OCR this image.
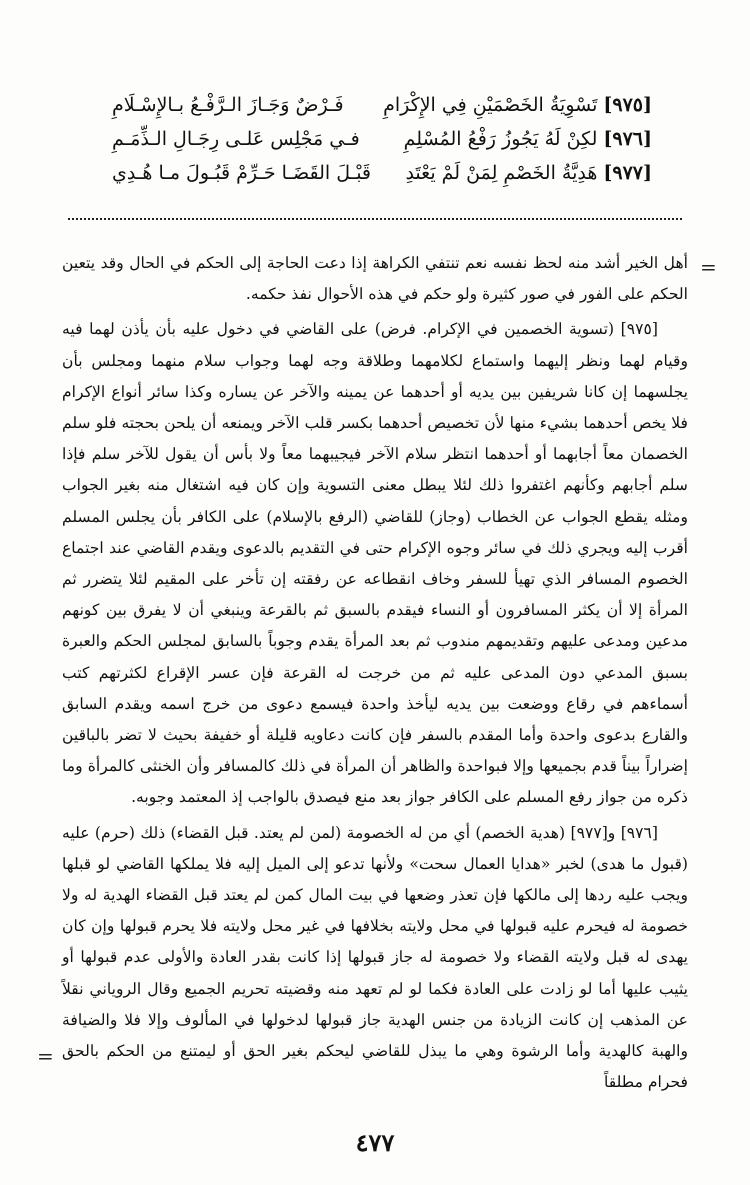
[٩٧٥]
تَسْوِيَةُ الخَصْمَيْنِ فِي الإِكْرَامِ
فَـرْضٌ وَجَـازَ الـرَّفْـعُ بـالإِسْـلَامِ
[٩٧٦]
لكِنْ لَهُ يَجُوزُ رَفْعُ المُسْلِمِ
فـي مَجْلِس عَلـى رِجَـالِ الـذِّمَـمِ
[٩٧٧]
هَدِيَّةُ الخَصْمِ لِمَنْ لَمْ يَعْتَدِ
قَبْـلَ القَضَـا حَـرِّمْ قَبُـولَ مـا هُـدِي
=

أهل الخير أشد منه لحظ نفسه نعم تنتفي الكراهة إذا دعت الحاجة إلى الحكم في الحال وقد يتعين الحكم على الفور في صور كثيرة ولو حكم في هذه الأحوال نفذ حكمه.

[٩٧٥] (تسوية الخصمين في الإكرام. فرض) على القاضي في دخول عليه بأن يأذن لهما فيه وقيام لهما ونظر إليهما واستماع لكلامهما وطلاقة وجه لهما وجواب سلام منهما ومجلس بأن يجلسهما إن كانا شريفين بين يديه أو أحدهما عن يمينه والآخر عن يساره وكذا سائر أنواع الإكرام فلا يخص أحدهما بشيء منها لأن تخصيص أحدهما بكسر قلب الآخر ويمنعه أن يلحن بحجته فلو سلم الخصمان معاً أجابهما أو أحدهما انتظر سلام الآخر فيجيبهما معاً ولا بأس أن يقول للآخر سلم فإذا سلم أجابهم وكأنهم اغتفروا ذلك لئلا يبطل معنى التسوية وإن كان فيه اشتغال منه بغير الجواب ومثله يقطع الجواب عن الخطاب (وجاز) للقاضي (الرفع بالإسلام) على الكافر بأن يجلس المسلم أقرب إليه ويجري ذلك في سائر وجوه الإكرام حتى في التقديم بالدعوى ويقدم القاضي عند اجتماع الخصوم المسافر الذي تهيأ للسفر وخاف انقطاعه عن رفقته إن تأخر على المقيم لئلا يتضرر ثم المرأة إلا أن يكثر المسافرون أو النساء فيقدم بالسبق ثم بالقرعة وينبغي أن لا يفرق بين كونهم مدعين ومدعى عليهم وتقديمهم مندوب ثم بعد المرأة يقدم وجوباً بالسابق لمجلس الحكم والعبرة بسبق المدعي دون المدعى عليه ثم من خرجت له القرعة فإن عسر الإقراع لكثرتهم كتب أسماءهم في رقاع ووضعت بين يديه ليأخذ واحدة فيسمع دعوى من خرج اسمه ويقدم السابق والقارع بدعوى واحدة وأما المقدم بالسفر فإن كانت دعاويه قليلة أو خفيفة بحيث لا تضر بالباقين إضراراً بيناً قدم بجميعها وإلا فبواحدة والظاهر أن المرأة في ذلك كالمسافر وأن الخنثى كالمرأة وما ذكره من جواز رفع المسلم على الكافر جواز بعد منع فيصدق بالواجب إذ المعتمد وجوبه.

[٩٧٦] و[٩٧٧] (هدية الخصم) أي من له الخصومة (لمن لم يعتد. قبل القضاء) ذلك (حرم) عليه (قبول ما هدى) لخبر «هدايا العمال سحت» ولأنها تدعو إلى الميل إليه فلا يملكها القاضي لو قبلها ويجب عليه ردها إلى مالكها فإن تعذر وضعها في بيت المال كمن لم يعتد قبل القضاء الهدية له ولا خصومة له فيحرم عليه قبولها في محل ولايته بخلافها في غير محل ولايته فلا يحرم قبولها وإن كان يهدى له قبل ولايته القضاء ولا خصومة له جاز قبولها إذا كانت بقدر العادة والأولى عدم قبولها أو يثيب عليها أما لو زادت على العادة فكما لو لم تعهد منه وقضيته تحريم الجميع وقال الروياني نقلاً عن المذهب إن كانت الزيادة من جنس الهدية جاز قبولها لدخولها في المألوف وإلا فلا والضيافة والهبة كالهدية وأما الرشوة وهي ما يبذل للقاضي ليحكم بغير الحق أو ليمتنع من الحكم بالحق فحرام مطلقاً

=
٤٧٧
